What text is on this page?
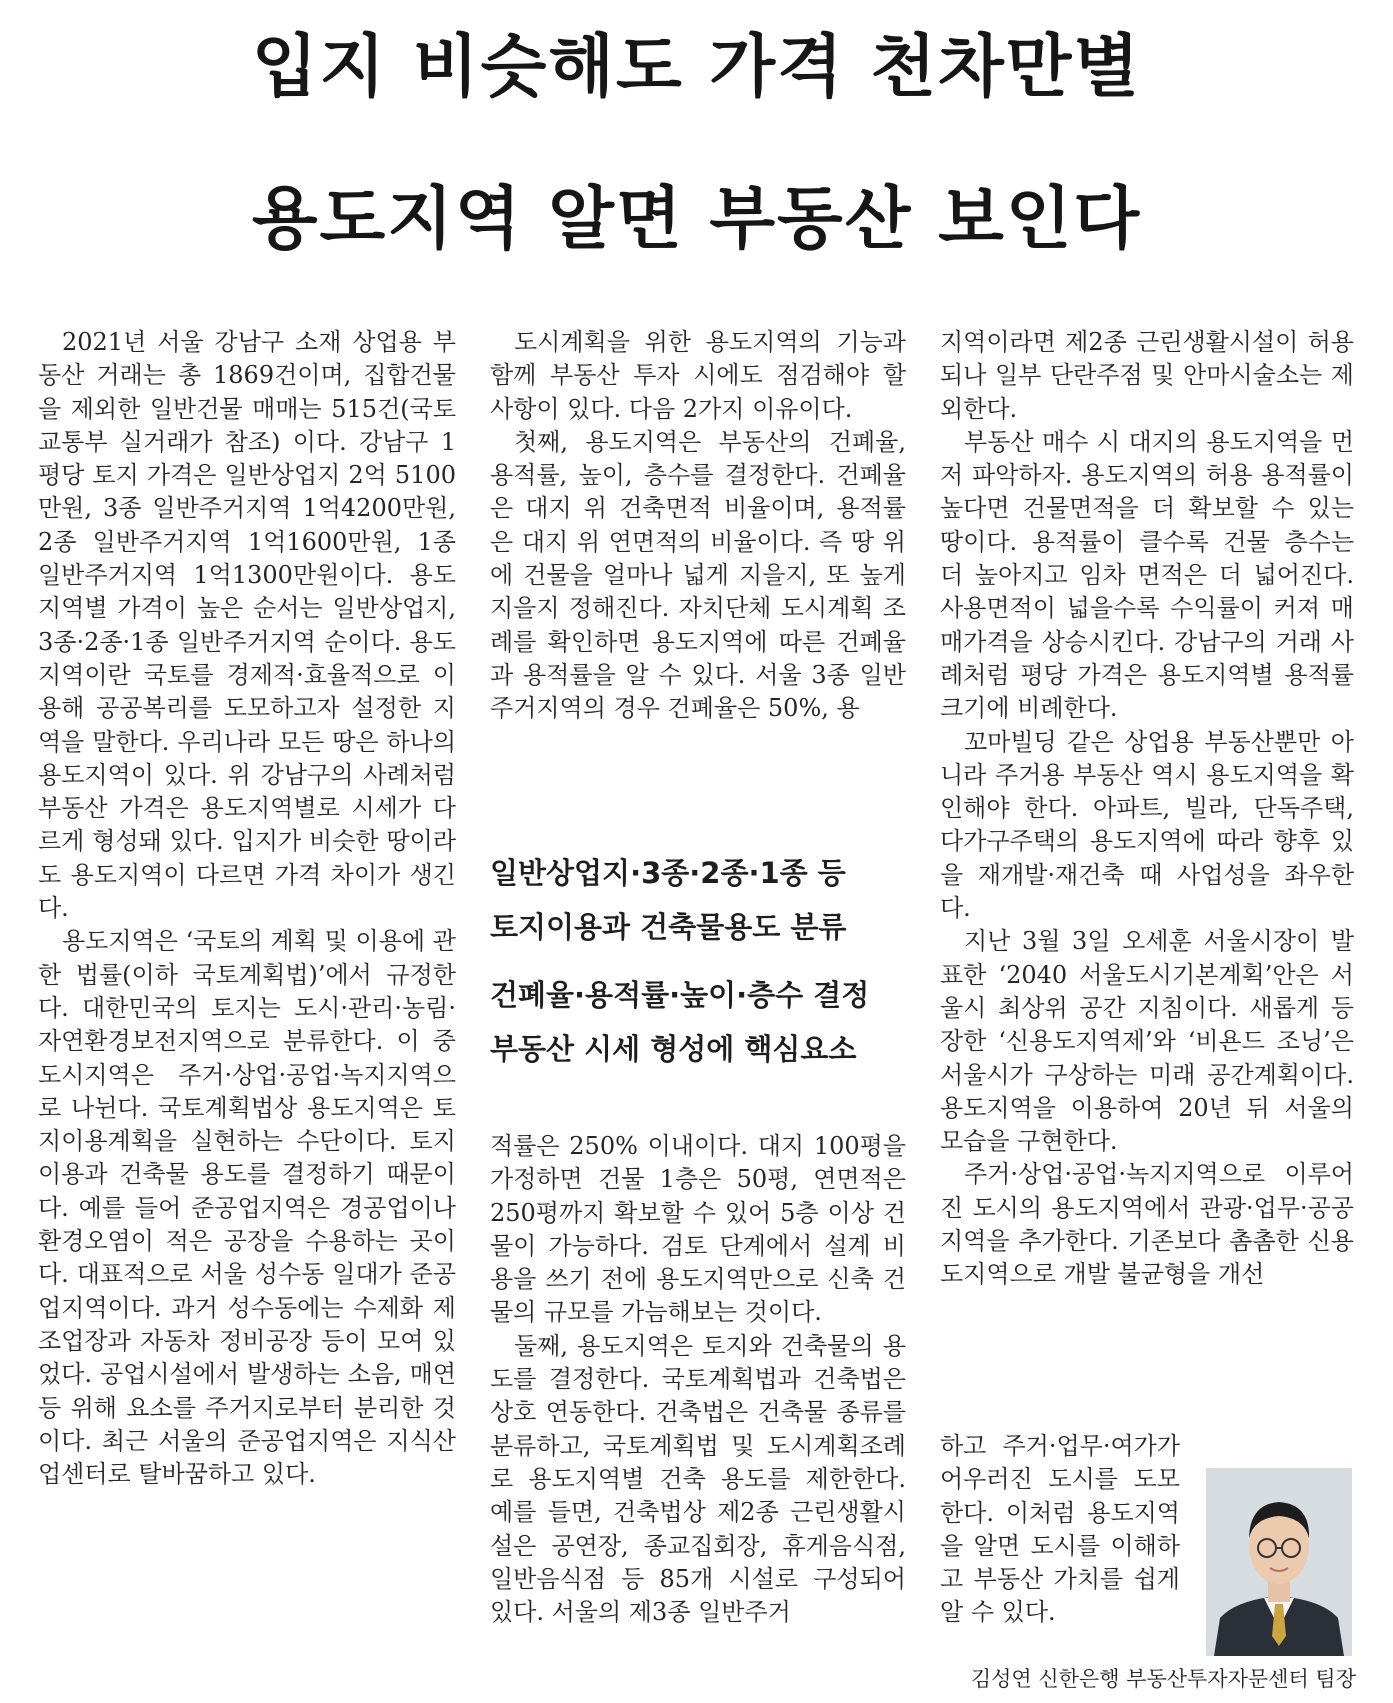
입지 비슷해도 가격 천차만별
용도지역 알면 부동산 보인다

2021년 서울 강남구 소재 상업용 부동산 거래는 총 1869건이며, 집합건물을 제외한 일반건물 매매는 515건(국토교통부 실거래가 참조) 이다. 강남구 1평당 토지 가격은 일반상업지 2억 5100만원, 3종 일반주거지역 1억4200만원, 2종 일반주거지역 1억1600만원, 1종 일반주거지역 1억1300만원이다. 용도지역별 가격이 높은 순서는 일반상업지, 3종·2종·1종 일반주거지역 순이다. 용도지역이란 국토를 경제적·효율적으로 이용해 공공복리를 도모하고자 설정한 지역을 말한다. 우리나라 모든 땅은 하나의 용도지역이 있다. 위 강남구의 사례처럼 부동산 가격은 용도지역별로 시세가 다르게 형성돼 있다. 입지가 비슷한 땅이라도 용도지역이 다르면 가격 차이가 생긴다.

용도지역은 ‘국토의 계획 및 이용에 관한 법률(이하 국토계획법)’에서 규정한다. 대한민국의 토지는 도시·관리·농림·자연환경보전지역으로 분류한다. 이 중 도시지역은 주거·상업·공업·녹지지역으로 나뉜다. 국토계획법상 용도지역은 토지이용계획을 실현하는 수단이다. 토지 이용과 건축물 용도를 결정하기 때문이다. 예를 들어 준공업지역은 경공업이나 환경오염이 적은 공장을 수용하는 곳이다. 대표적으로 서울 성수동 일대가 준공업지역이다. 과거 성수동에는 수제화 제조업장과 자동차 정비공장 등이 모여 있었다. 공업시설에서 발생하는 소음, 매연 등 위해 요소를 주거지로부터 분리한 것이다. 최근 서울의 준공업지역은 지식산업센터로 탈바꿈하고 있다.

도시계획을 위한 용도지역의 기능과 함께 부동산 투자 시에도 점검해야 할 사항이 있다. 다음 2가지 이유이다.

첫째, 용도지역은 부동산의 건폐율, 용적률, 높이, 층수를 결정한다. 건폐율은 대지 위 건축면적 비율이며, 용적률은 대지 위 연면적의 비율이다. 즉 땅 위에 건물을 얼마나 넓게 지을지, 또 높게 지을지 정해진다. 자치단체 도시계획 조례를 확인하면 용도지역에 따른 건폐율과 용적률을 알 수 있다. 서울 3종 일반주거지역의 경우 건폐율은 50%, 용

일반상업지·3종·2종·1종 등
토지이용과 건축물용도 분류
건폐율·용적률·높이·층수 결정
부동산 시세 형성에 핵심요소

적률은 250% 이내이다. 대지 100평을 가정하면 건물 1층은 50평, 연면적은 250평까지 확보할 수 있어 5층 이상 건물이 가능하다. 검토 단계에서 설계 비용을 쓰기 전에 용도지역만으로 신축 건물의 규모를 가늠해보는 것이다.

둘째, 용도지역은 토지와 건축물의 용도를 결정한다. 국토계획법과 건축법은 상호 연동한다. 건축법은 건축물 종류를 분류하고, 국토계획법 및 도시계획조례로 용도지역별 건축 용도를 제한한다. 예를 들면, 건축법상 제2종 근린생활시설은 공연장, 종교집회장, 휴게음식점, 일반음식점 등 85개 시설로 구성되어 있다. 서울의 제3종 일반주거

지역이라면 제2종 근린생활시설이 허용되나 일부 단란주점 및 안마시술소는 제외한다.

부동산 매수 시 대지의 용도지역을 먼저 파악하자. 용도지역의 허용 용적률이 높다면 건물면적을 더 확보할 수 있는 땅이다. 용적률이 클수록 건물 층수는 더 높아지고 임차 면적은 더 넓어진다. 사용면적이 넓을수록 수익률이 커져 매매가격을 상승시킨다. 강남구의 거래 사례처럼 평당 가격은 용도지역별 용적률 크기에 비례한다.

꼬마빌딩 같은 상업용 부동산뿐만 아니라 주거용 부동산 역시 용도지역을 확인해야 한다. 아파트, 빌라, 단독주택, 다가구주택의 용도지역에 따라 향후 있을 재개발·재건축 때 사업성을 좌우한다.

지난 3월 3일 오세훈 서울시장이 발표한 ‘2040 서울도시기본계획’안은 서울시 최상위 공간 지침이다. 새롭게 등장한 ‘신용도지역제’와 ‘비욘드 조닝’은 서울시가 구상하는 미래 공간계획이다. 용도지역을 이용하여 20년 뒤 서울의 모습을 구현한다.

주거·상업·공업·녹지지역으로 이루어진 도시의 용도지역에서 관광·업무·공공지역을 추가한다. 기존보다 촘촘한 신용도지역으로 개발 불균형을 개선

하고 주거·업무·여가가 어우러진 도시를 도모한다. 이처럼 용도지역을 알면 도시를 이해하고 부동산 가치를 쉽게 알 수 있다.

김성연 신한은행 부동산투자자문센터 팀장
